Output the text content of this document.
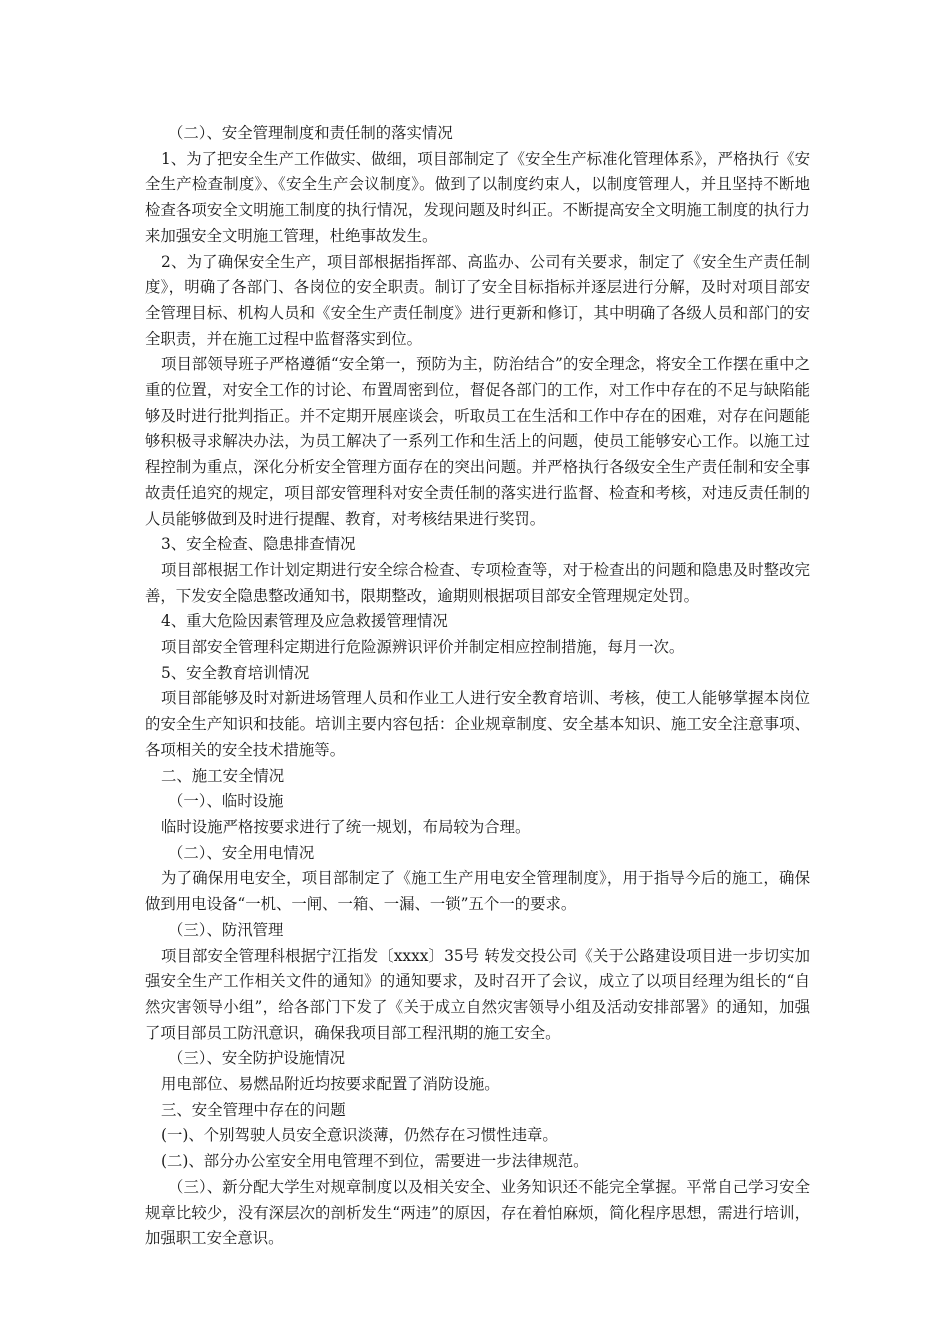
（二）、安全管理制度和责任制的落实情况

1、为了把安全生产工作做实、做细，项目部制定了《安全生产标准化管理体系》，严格执行《安全生产检查制度》、《安全生产会议制度》。做到了以制度约束人，以制度管理人，并且坚持不断地检查各项安全文明施工制度的执行情况，发现问题及时纠正。不断提高安全文明施工制度的执行力来加强安全文明施工管理，杜绝事故发生。

2、为了确保安全生产，项目部根据指挥部、高监办、公司有关要求，制定了《安全生产责任制度》，明确了各部门、各岗位的安全职责。制订了安全目标指标并逐层进行分解，及时对项目部安全管理目标、机构人员和《安全生产责任制度》进行更新和修订，其中明确了各级人员和部门的安全职责，并在施工过程中监督落实到位。

项目部领导班子严格遵循“安全第一，预防为主，防治结合”的安全理念，将安全工作摆在重中之重的位置，对安全工作的讨论、布置周密到位，督促各部门的工作，对工作中存在的不足与缺陷能够及时进行批判指正。并不定期开展座谈会，听取员工在生活和工作中存在的困难，对存在问题能够积极寻求解决办法，为员工解决了一系列工作和生活上的问题，使员工能够安心工作。以施工过程控制为重点，深化分析安全管理方面存在的突出问题。并严格执行各级安全生产责任制和安全事故责任追究的规定，项目部安管理科对安全责任制的落实进行监督、检查和考核，对违反责任制的人员能够做到及时进行提醒、教育，对考核结果进行奖罚。

3、安全检查、隐患排查情况

项目部根据工作计划定期进行安全综合检查、专项检查等，对于检查出的问题和隐患及时整改完善，下发安全隐患整改通知书，限期整改，逾期则根据项目部安全管理规定处罚。

4、重大危险因素管理及应急救援管理情况

项目部安全管理科定期进行危险源辨识评价并制定相应控制措施，每月一次。

5、安全教育培训情况

项目部能够及时对新进场管理人员和作业工人进行安全教育培训、考核，使工人能够掌握本岗位的安全生产知识和技能。培训主要内容包括：企业规章制度、安全基本知识、施工安全注意事项、各项相关的安全技术措施等。

二、施工安全情况

（一）、临时设施

临时设施严格按要求进行了统一规划，布局较为合理。

（二）、安全用电情况

为了确保用电安全，项目部制定了《施工生产用电安全管理制度》，用于指导今后的施工，确保做到用电设备“一机、一闸、一箱、一漏、一锁”五个一的要求。

（三）、防汛管理

项目部安全管理科根据宁江指发〔xxxx〕35号 转发交投公司《关于公路建设项目进一步切实加强安全生产工作相关文件的通知》的通知要求，及时召开了会议，成立了以项目经理为组长的“自然灾害领导小组”，给各部门下发了《关于成立自然灾害领导小组及活动安排部署》的通知，加强了项目部员工防汛意识，确保我项目部工程汛期的施工安全。

（三）、安全防护设施情况

用电部位、易燃品附近均按要求配置了消防设施。

三、安全管理中存在的问题

(一)、个别驾驶人员安全意识淡薄，仍然存在习惯性违章。

(二)、部分办公室安全用电管理不到位，需要进一步法律规范。

（三）、新分配大学生对规章制度以及相关安全、业务知识还不能完全掌握。平常自己学习安全规章比较少，没有深层次的剖析发生“两违”的原因，存在着怕麻烦，简化程序思想，需进行培训，加强职工安全意识。
